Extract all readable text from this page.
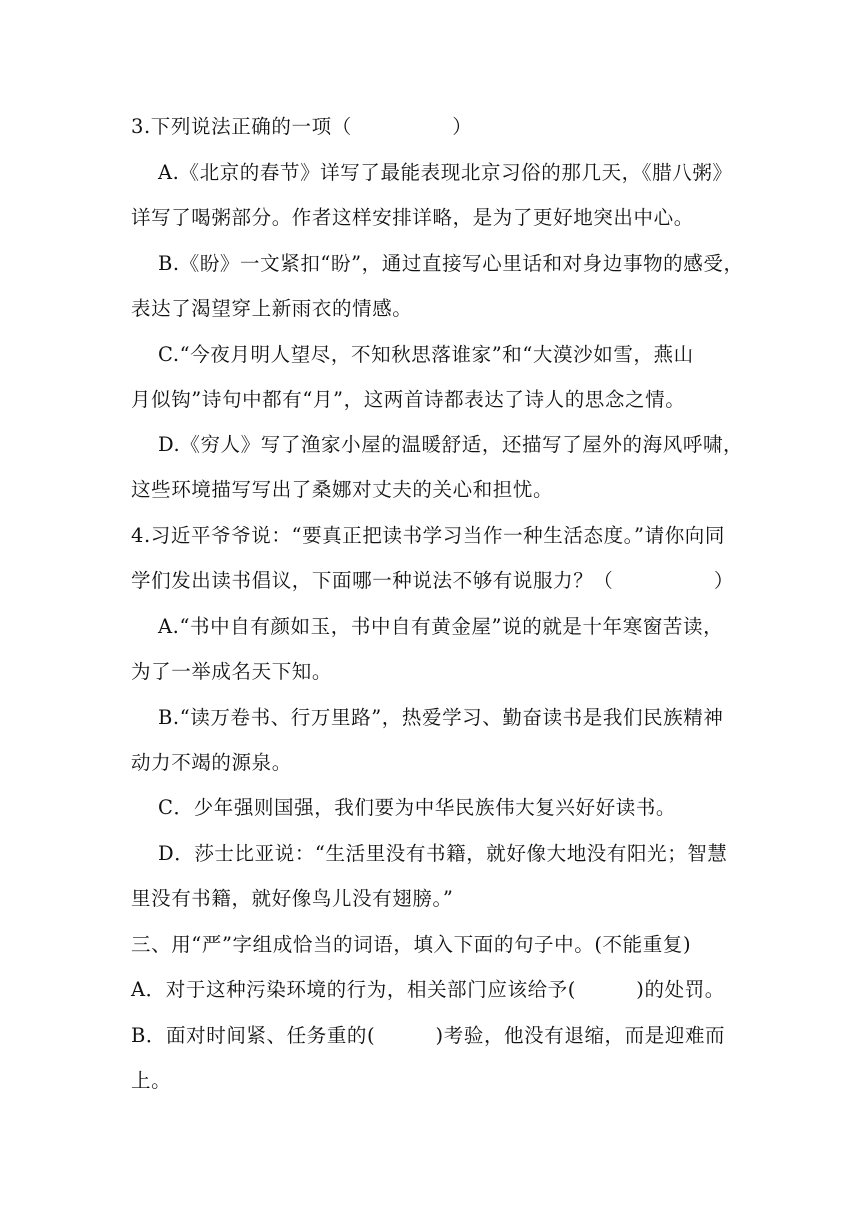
3.下列说法正确的一项（　　　　　）
A.《北京的春节》详写了最能表现北京习俗的那几天，《腊八粥》
详写了喝粥部分。作者这样安排详略，是为了更好地突出中心。
B.《盼》一文紧扣“盼”，通过直接写心里话和对身边事物的感受，
表达了渴望穿上新雨衣的情感。
C.“今夜月明人望尽，不知秋思落谁家”和“大漠沙如雪，燕山
月似钩”诗句中都有“月”，这两首诗都表达了诗人的思念之情。
D.《穷人》写了渔家小屋的温暖舒适，还描写了屋外的海风呼啸，
这些环境描写写出了桑娜对丈夫的关心和担忧。
4.习近平爷爷说：“要真正把读书学习当作一种生活态度。”请你向同
学们发出读书倡议，下面哪一种说法不够有说服力？（　　　　　）
A.“书中自有颜如玉，书中自有黄金屋”说的就是十年寒窗苦读，
为了一举成名天下知。
B.“读万卷书、行万里路”，热爱学习、勤奋读书是我们民族精神
动力不竭的源泉。
C．少年强则国强，我们要为中华民族伟大复兴好好读书。
D．莎士比亚说：“生活里没有书籍，就好像大地没有阳光；智慧
里没有书籍，就好像鸟儿没有翅膀。”
三、用“严”字组成恰当的词语，填入下面的句子中。(不能重复)
A．对于这种污染环境的行为，相关部门应该给予(　　　)的处罚。
B．面对时间紧、任务重的(　　　)考验，他没有退缩，而是迎难而
上。
